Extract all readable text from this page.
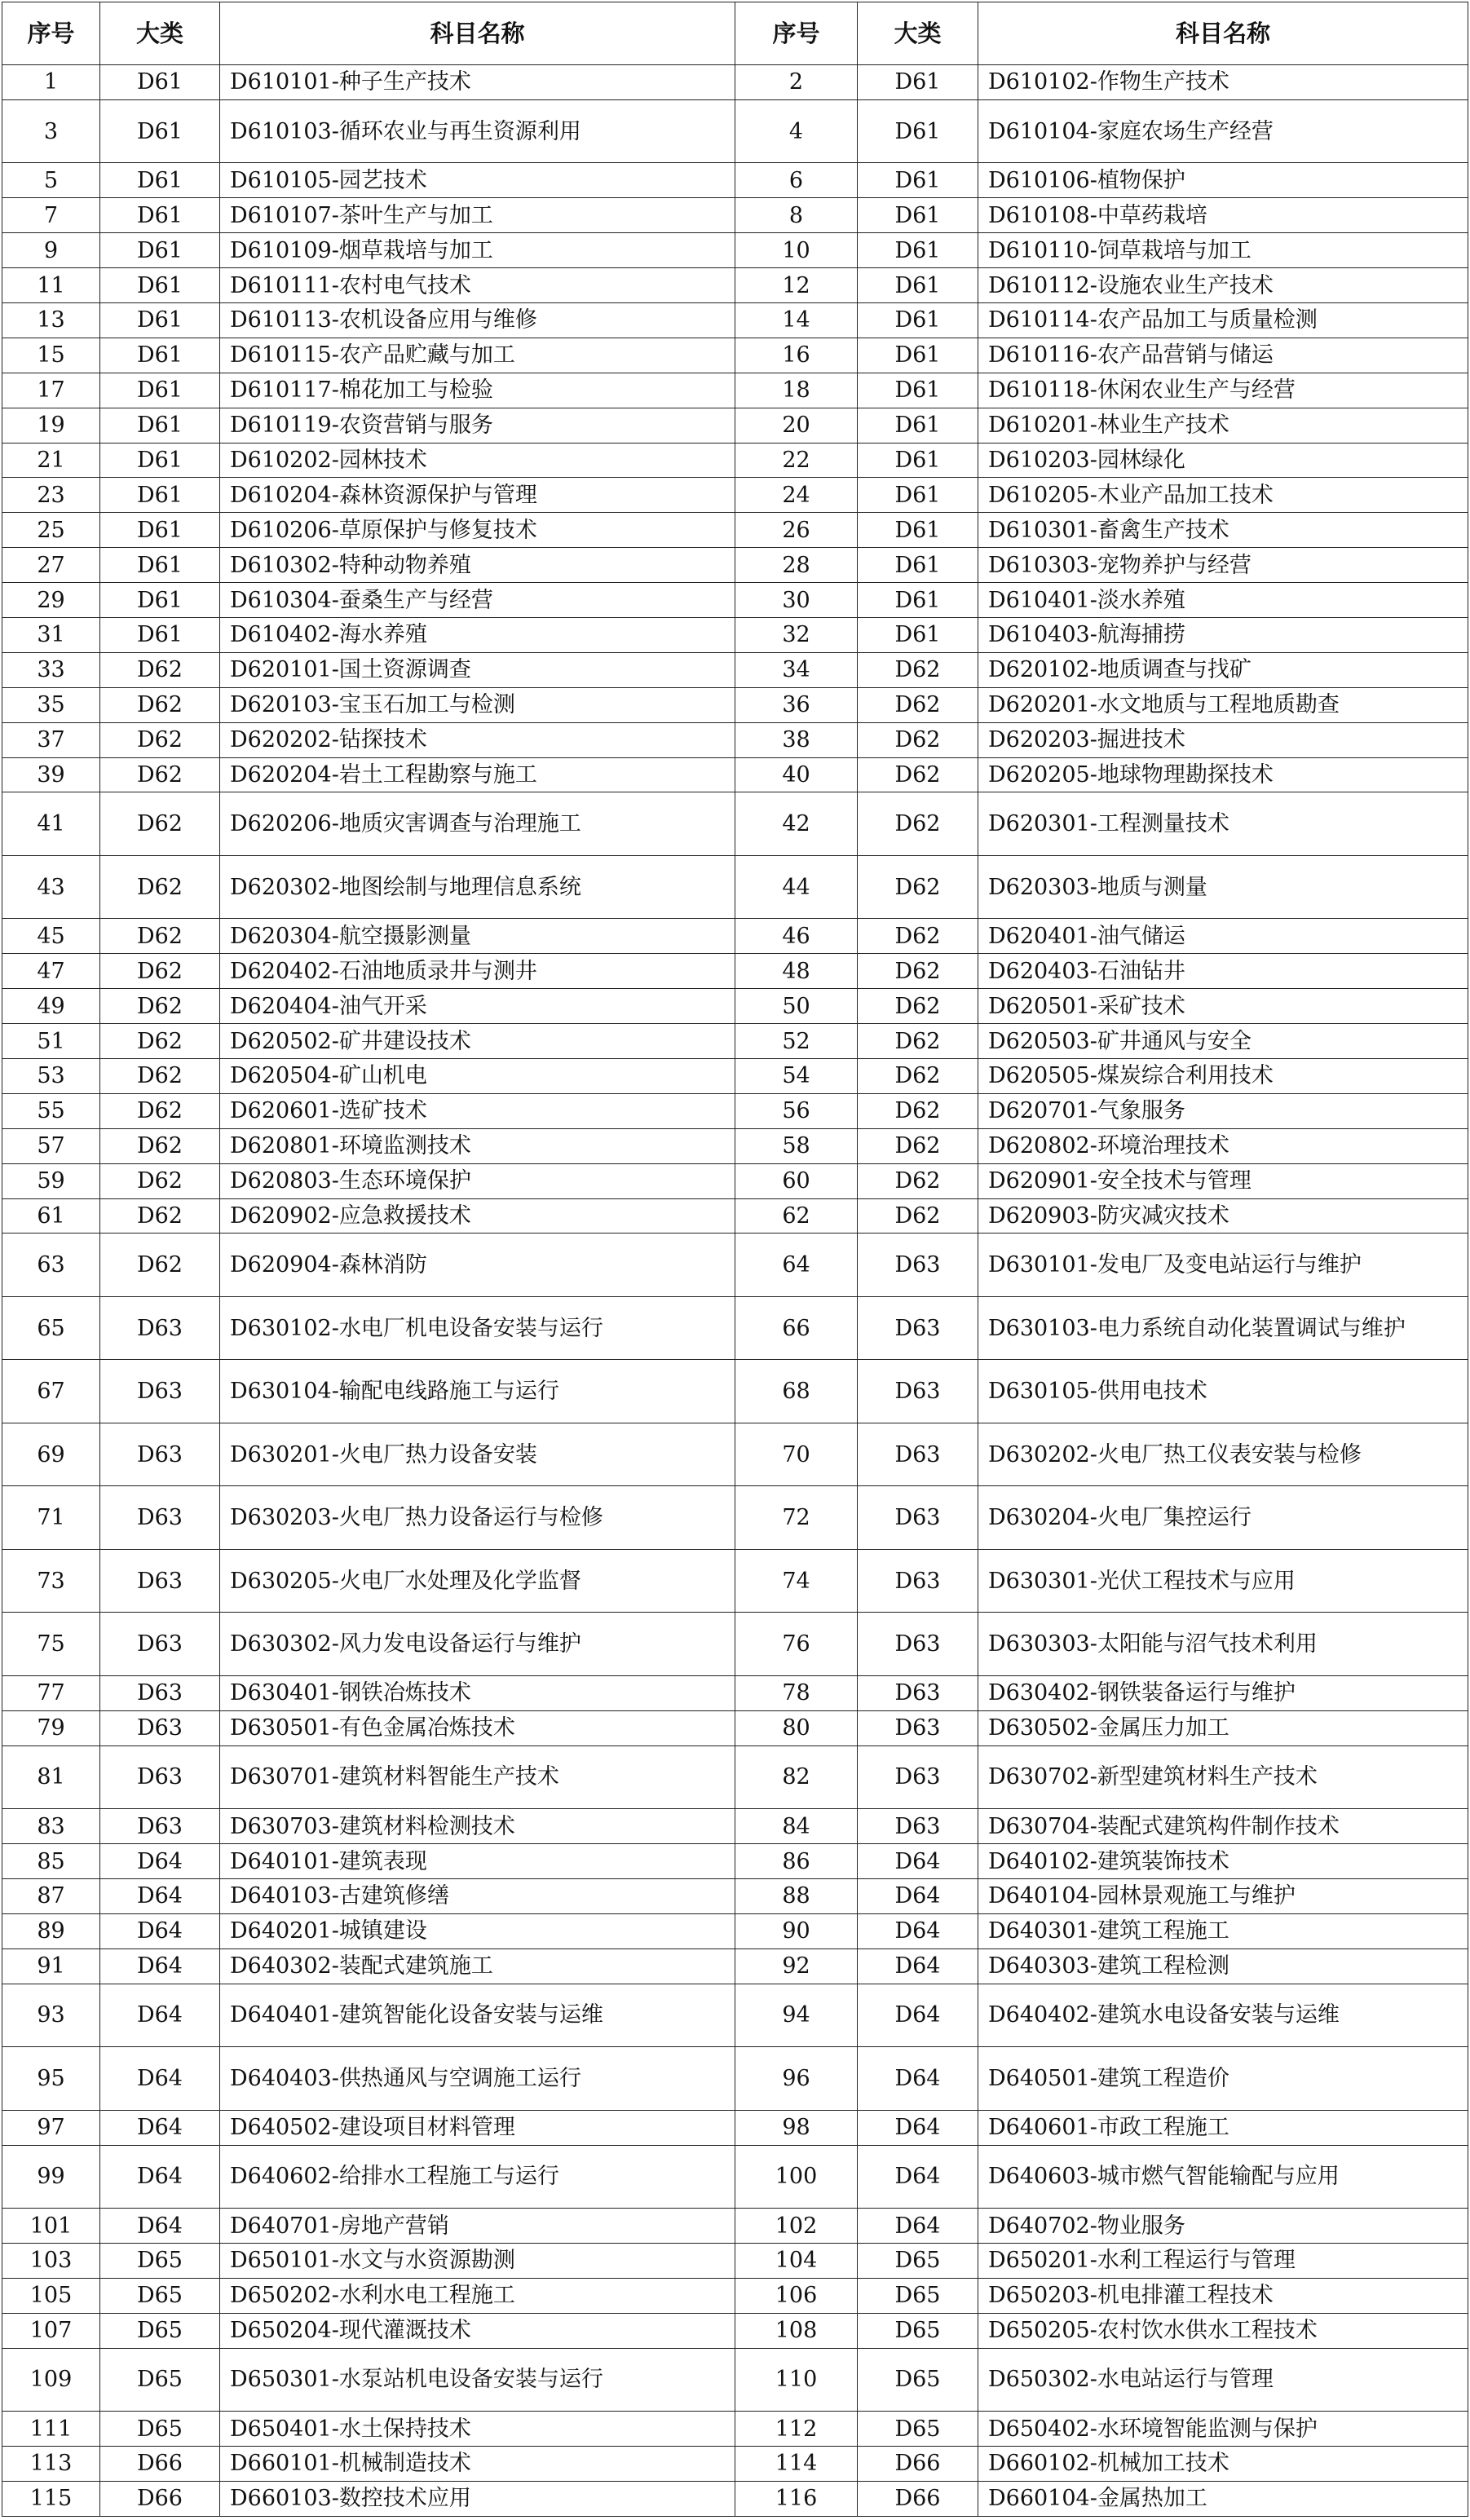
序号	大类	科目名称	序号	大类	科目名称
1	D61	D610101-种子生产技术	2	D61	D610102-作物生产技术
3	D61	D610103-循环农业与再生资源利用	4	D61	D610104-家庭农场生产经营
5	D61	D610105-园艺技术	6	D61	D610106-植物保护
7	D61	D610107-茶叶生产与加工	8	D61	D610108-中草药栽培
9	D61	D610109-烟草栽培与加工	10	D61	D610110-饲草栽培与加工
11	D61	D610111-农村电气技术	12	D61	D610112-设施农业生产技术
13	D61	D610113-农机设备应用与维修	14	D61	D610114-农产品加工与质量检测
15	D61	D610115-农产品贮藏与加工	16	D61	D610116-农产品营销与储运
17	D61	D610117-棉花加工与检验	18	D61	D610118-休闲农业生产与经营
19	D61	D610119-农资营销与服务	20	D61	D610201-林业生产技术
21	D61	D610202-园林技术	22	D61	D610203-园林绿化
23	D61	D610204-森林资源保护与管理	24	D61	D610205-木业产品加工技术
25	D61	D610206-草原保护与修复技术	26	D61	D610301-畜禽生产技术
27	D61	D610302-特种动物养殖	28	D61	D610303-宠物养护与经营
29	D61	D610304-蚕桑生产与经营	30	D61	D610401-淡水养殖
31	D61	D610402-海水养殖	32	D61	D610403-航海捕捞
33	D62	D620101-国土资源调查	34	D62	D620102-地质调查与找矿
35	D62	D620103-宝玉石加工与检测	36	D62	D620201-水文地质与工程地质勘查
37	D62	D620202-钻探技术	38	D62	D620203-掘进技术
39	D62	D620204-岩土工程勘察与施工	40	D62	D620205-地球物理勘探技术
41	D62	D620206-地质灾害调查与治理施工	42	D62	D620301-工程测量技术
43	D62	D620302-地图绘制与地理信息系统	44	D62	D620303-地质与测量
45	D62	D620304-航空摄影测量	46	D62	D620401-油气储运
47	D62	D620402-石油地质录井与测井	48	D62	D620403-石油钻井
49	D62	D620404-油气开采	50	D62	D620501-采矿技术
51	D62	D620502-矿井建设技术	52	D62	D620503-矿井通风与安全
53	D62	D620504-矿山机电	54	D62	D620505-煤炭综合利用技术
55	D62	D620601-选矿技术	56	D62	D620701-气象服务
57	D62	D620801-环境监测技术	58	D62	D620802-环境治理技术
59	D62	D620803-生态环境保护	60	D62	D620901-安全技术与管理
61	D62	D620902-应急救援技术	62	D62	D620903-防灾减灾技术
63	D62	D620904-森林消防	64	D63	D630101-发电厂及变电站运行与维护
65	D63	D630102-水电厂机电设备安装与运行	66	D63	D630103-电力系统自动化装置调试与维护
67	D63	D630104-输配电线路施工与运行	68	D63	D630105-供用电技术
69	D63	D630201-火电厂热力设备安装	70	D63	D630202-火电厂热工仪表安装与检修
71	D63	D630203-火电厂热力设备运行与检修	72	D63	D630204-火电厂集控运行
73	D63	D630205-火电厂水处理及化学监督	74	D63	D630301-光伏工程技术与应用
75	D63	D630302-风力发电设备运行与维护	76	D63	D630303-太阳能与沼气技术利用
77	D63	D630401-钢铁冶炼技术	78	D63	D630402-钢铁装备运行与维护
79	D63	D630501-有色金属冶炼技术	80	D63	D630502-金属压力加工
81	D63	D630701-建筑材料智能生产技术	82	D63	D630702-新型建筑材料生产技术
83	D63	D630703-建筑材料检测技术	84	D63	D630704-装配式建筑构件制作技术
85	D64	D640101-建筑表现	86	D64	D640102-建筑装饰技术
87	D64	D640103-古建筑修缮	88	D64	D640104-园林景观施工与维护
89	D64	D640201-城镇建设	90	D64	D640301-建筑工程施工
91	D64	D640302-装配式建筑施工	92	D64	D640303-建筑工程检测
93	D64	D640401-建筑智能化设备安装与运维	94	D64	D640402-建筑水电设备安装与运维
95	D64	D640403-供热通风与空调施工运行	96	D64	D640501-建筑工程造价
97	D64	D640502-建设项目材料管理	98	D64	D640601-市政工程施工
99	D64	D640602-给排水工程施工与运行	100	D64	D640603-城市燃气智能输配与应用
101	D64	D640701-房地产营销	102	D64	D640702-物业服务
103	D65	D650101-水文与水资源勘测	104	D65	D650201-水利工程运行与管理
105	D65	D650202-水利水电工程施工	106	D65	D650203-机电排灌工程技术
107	D65	D650204-现代灌溉技术	108	D65	D650205-农村饮水供水工程技术
109	D65	D650301-水泵站机电设备安装与运行	110	D65	D650302-水电站运行与管理
111	D65	D650401-水土保持技术	112	D65	D650402-水环境智能监测与保护
113	D66	D660101-机械制造技术	114	D66	D660102-机械加工技术
115	D66	D660103-数控技术应用	116	D66	D660104-金属热加工
